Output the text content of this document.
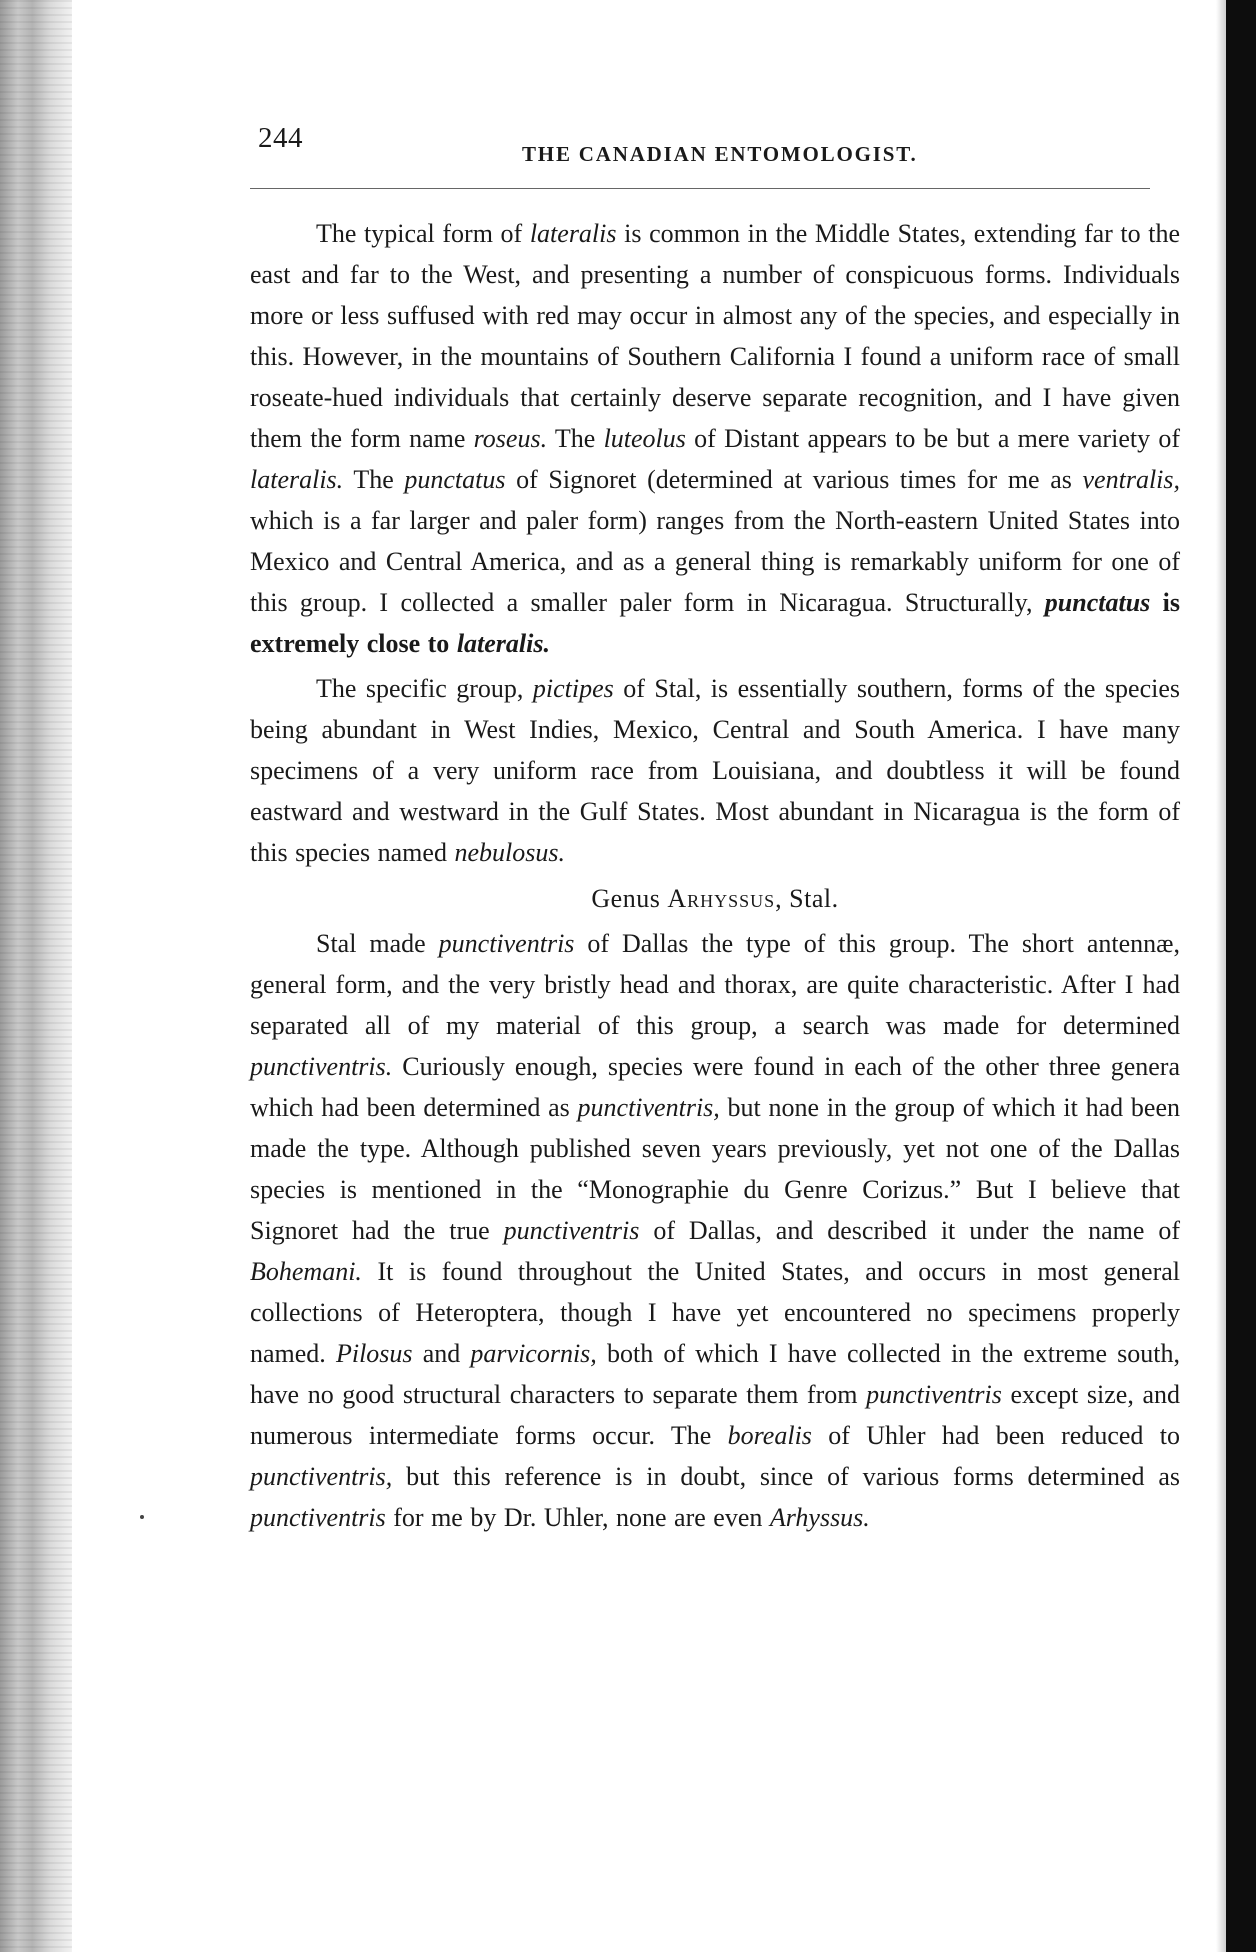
244	THE CANADIAN ENTOMOLOGIST.

The typical form of lateralis is common in the Middle States, extending far to the east and far to the West, and presenting a number of conspicuous forms. Individuals more or less suffused with red may occur in almost any of the species, and especially in this. However, in the mountains of Southern California I found a uniform race of small roseate-hued individuals that certainly deserve separate recognition, and I have given them the form name roseus. The luteolus of Distant appears to be but a mere variety of lateralis. The punctatus of Signoret (determined at various times for me as ventralis, which is a far larger and paler form) ranges from the North-eastern United States into Mexico and Central America, and as a general thing is remarkably uniform for one of this group. I collected a smaller paler form in Nicaragua. Structurally, punctatus is extremely close to lateralis.

The specific group, pictipes of Stal, is essentially southern, forms of the species being abundant in West Indies, Mexico, Central and South America. I have many specimens of a very uniform race from Louisiana, and doubtless it will be found eastward and westward in the Gulf States. Most abundant in Nicaragua is the form of this species named nebulosus.

Genus Arhyssus, Stal.

Stal made punctiventris of Dallas the type of this group. The short antennæ, general form, and the very bristly head and thorax, are quite characteristic. After I had separated all of my material of this group, a search was made for determined punctiventris. Curiously enough, species were found in each of the other three genera which had been determined as punctiventris, but none in the group of which it had been made the type. Although published seven years previously, yet not one of the Dallas species is mentioned in the “Monographie du Genre Corizus.” But I believe that Signoret had the true punctiventris of Dallas, and described it under the name of Bohemani. It is found throughout the United States, and occurs in most general collections of Heteroptera, though I have yet encountered no specimens properly named. Pilosus and parvicornis, both of which I have collected in the extreme south, have no good structural characters to separate them from punctiventris except size, and numerous intermediate forms occur. The borealis of Uhler had been reduced to punctiventris, but this reference is in doubt, since of various forms determined as punctiventris for me by Dr. Uhler, none are even Arhyssus.
